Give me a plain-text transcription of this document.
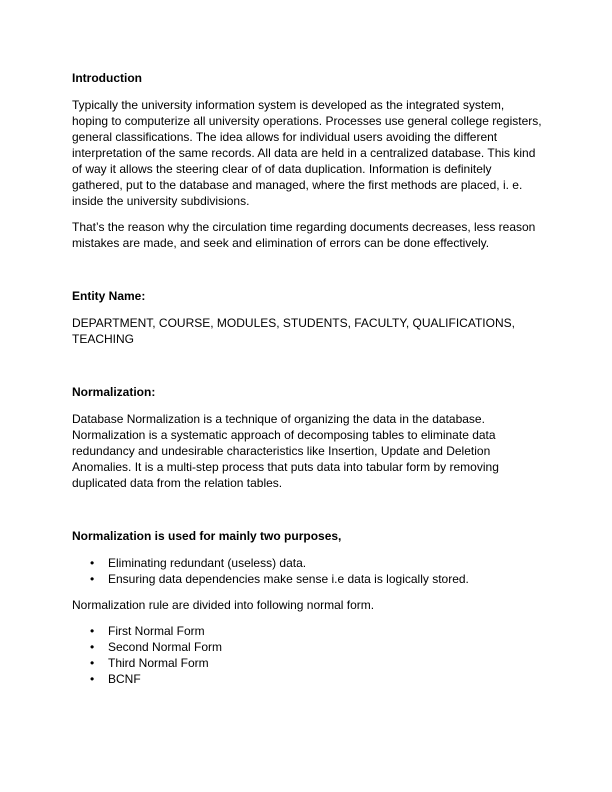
Introduction

Typically the university information system is developed as the integrated system, hoping to computerize all university operations. Processes use general college registers, general classifications. The idea allows for individual users avoiding the different interpretation of the same records. All data are held in a centralized database. This kind of way it allows the steering clear of of data duplication. Information is definitely gathered, put to the database and managed, where the first methods are placed, i. e. inside the university subdivisions.

That’s the reason why the circulation time regarding documents decreases, less reason mistakes are made, and seek and elimination of errors can be done effectively.

Entity Name:

DEPARTMENT, COURSE, MODULES, STUDENTS, FACULTY, QUALIFICATIONS, TEACHING

Normalization:

Database Normalization is a technique of organizing the data in the database. Normalization is a systematic approach of decomposing tables to eliminate data redundancy and undesirable characteristics like Insertion, Update and Deletion Anomalies. It is a multi-step process that puts data into tabular form by removing duplicated data from the relation tables.

Normalization is used for mainly two purposes,

• Eliminating redundant (useless) data.
• Ensuring data dependencies make sense i.e data is logically stored.

Normalization rule are divided into following normal form.

• First Normal Form
• Second Normal Form
• Third Normal Form
• BCNF
